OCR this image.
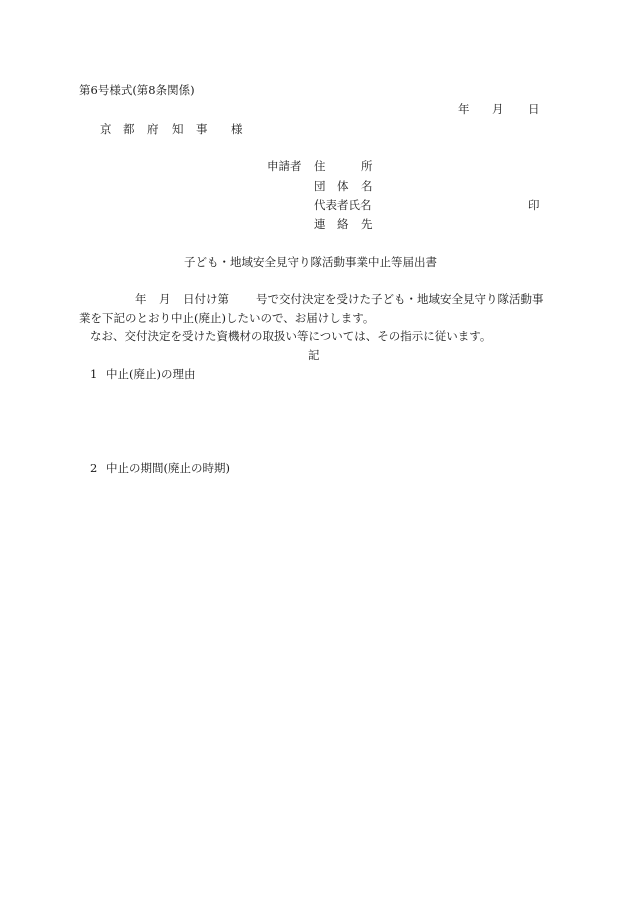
第6号様式(第8条関係)
年 月 日
京 都 府 知 事 様
申請者 住	所
団 体 名
代表者氏名	印
連 絡 先
子ども・地域安全見守り隊活動事業中止等届出書
年 月 日付け第 号で交付決定を受けた子ども・地域安全見守り隊活動事
業を下記のとおり中止(廃止)したいので、お届けします。
なお、交付決定を受けた資機材の取扱い等については、その指示に従います。
記
1 中止(廃止)の理由
2 中止の期間(廃止の時期)
